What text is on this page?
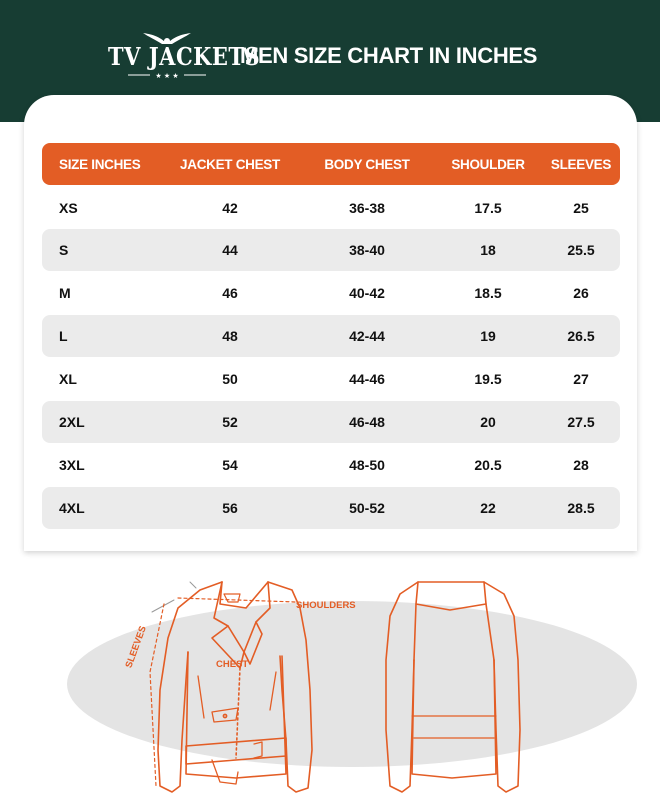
TV JACKETS
★ ★ ★
MEN SIZE CHART IN INCHES
SIZE INCHES	JACKET CHEST	BODY CHEST	SHOULDER	SLEEVES
XS	42	36-38	17.5	25
S	44	38-40	18	25.5
M	46	40-42	18.5	26
L	48	42-44	19	26.5
XL	50	44-46	19.5	27
2XL	52	46-48	20	27.5
3XL	54	48-50	20.5	28
4XL	56	50-52	22	28.5
SHOULDERS
CHEST
SLEEVES
